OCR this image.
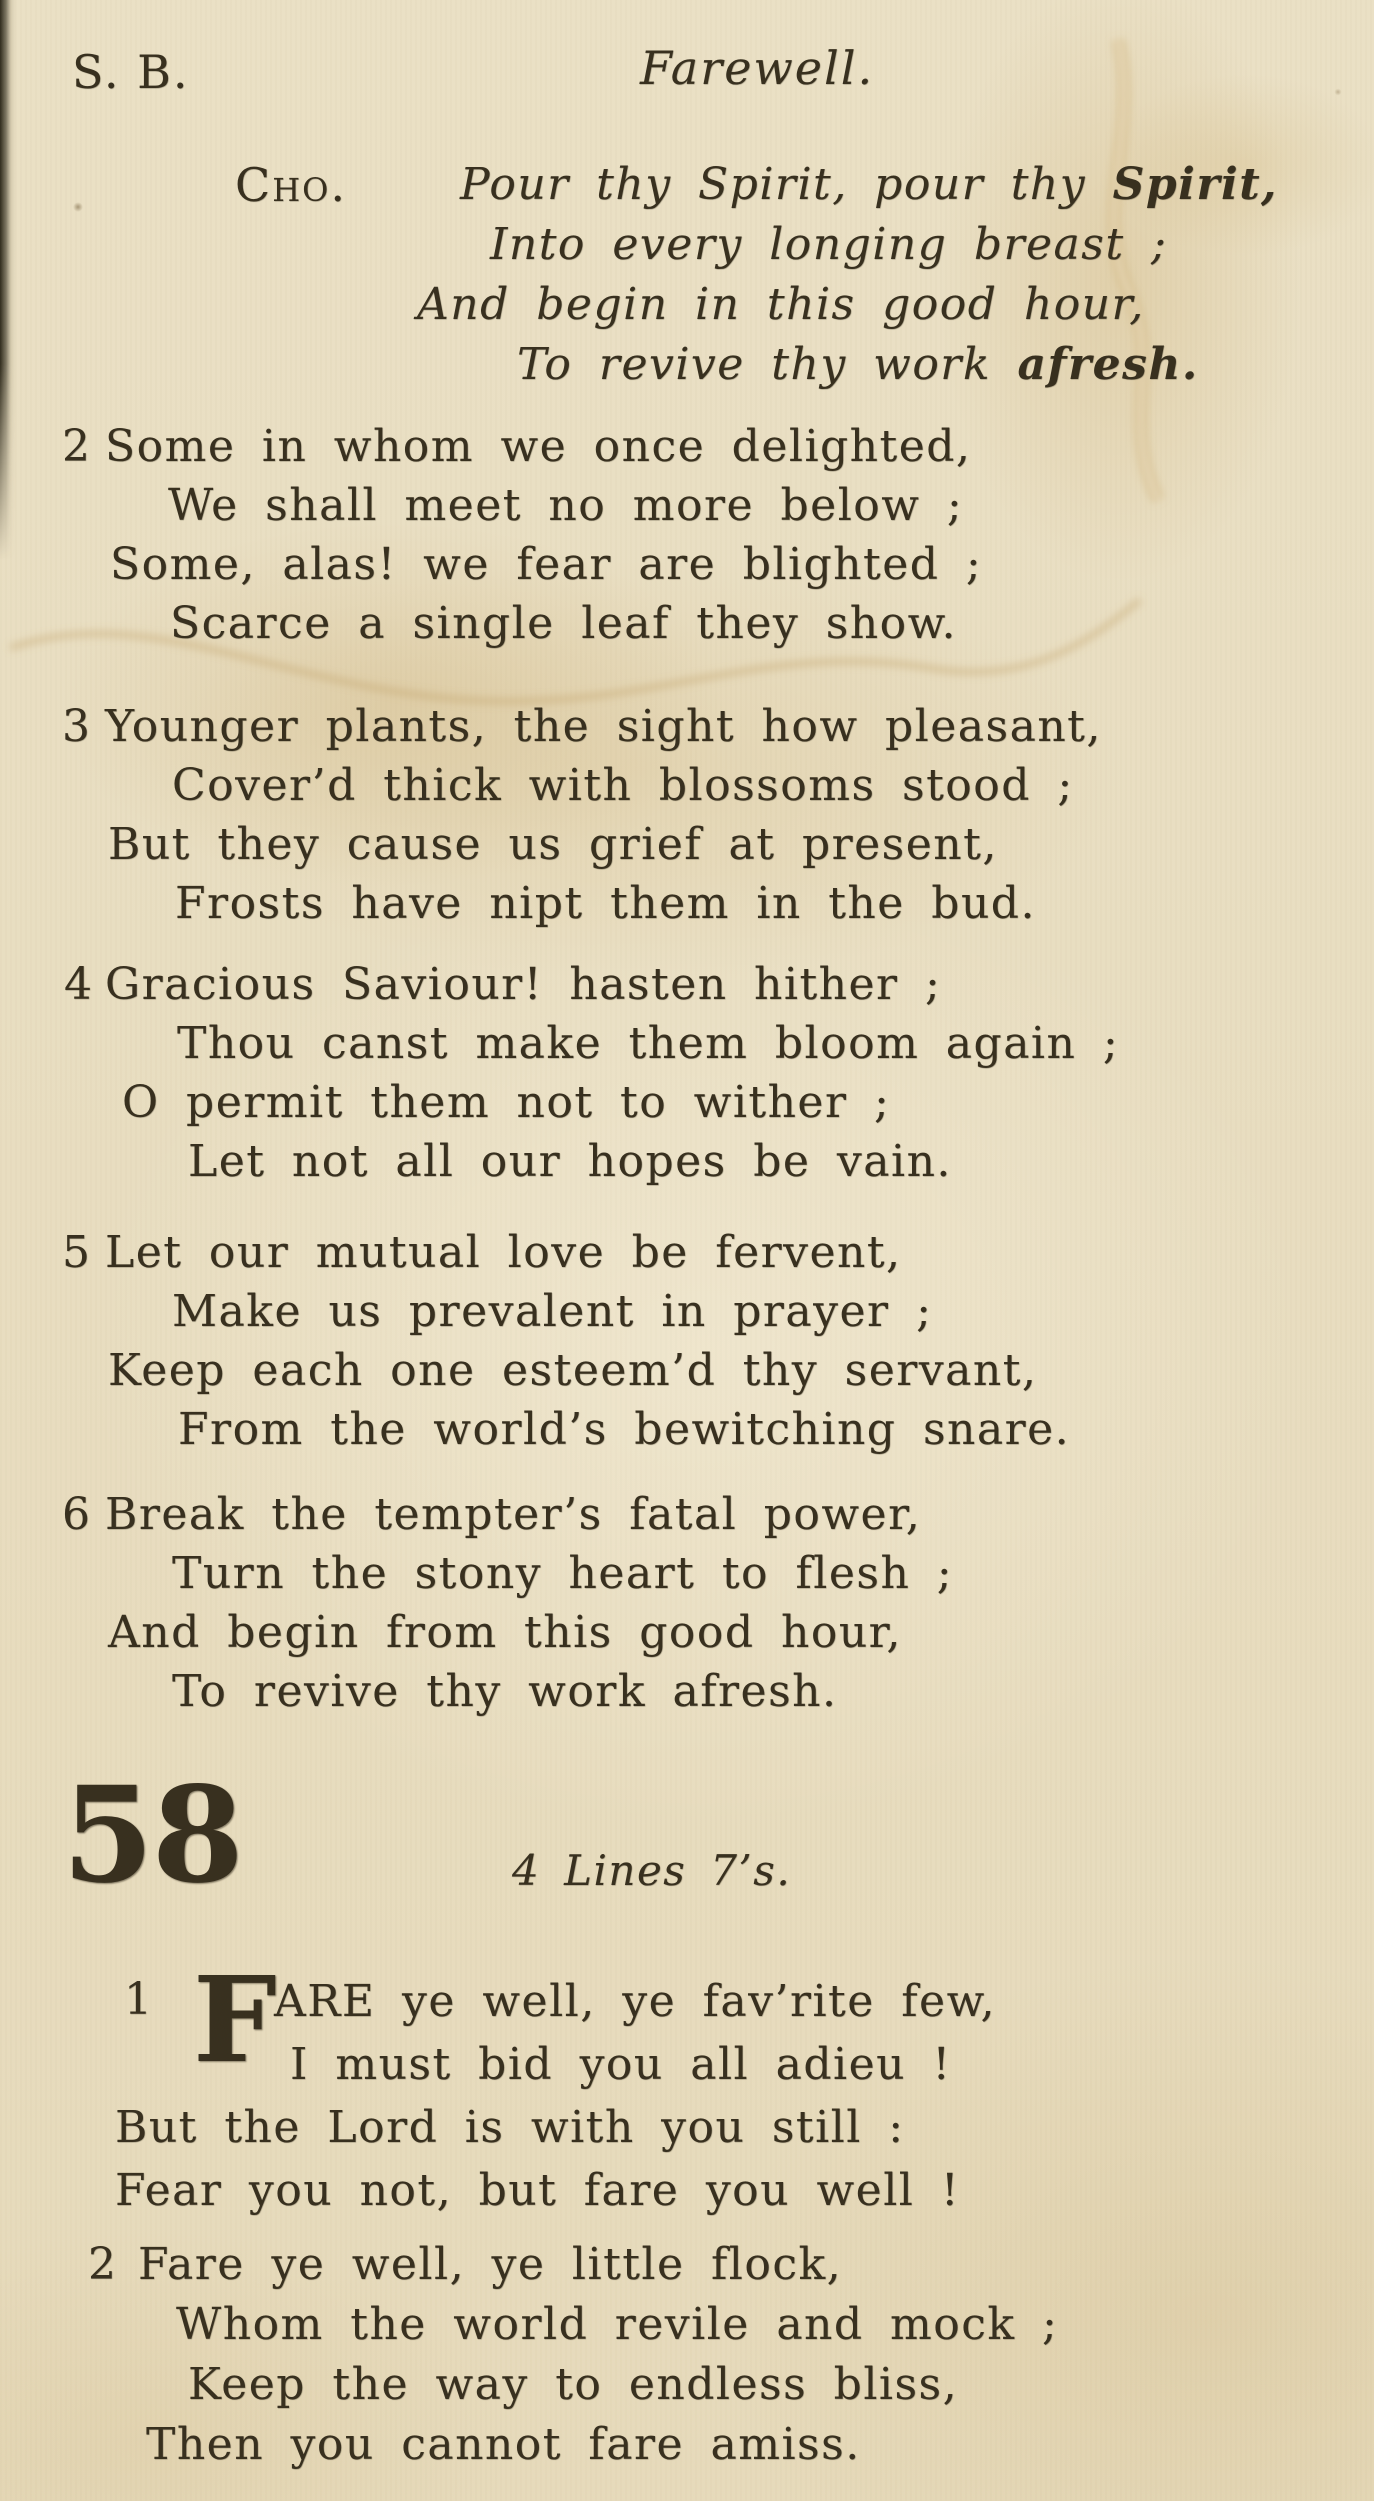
S. B.	Farewell.
Cho.	Pour thy Spirit, pour thy Spirit,
Into every longing breast ;
And begin in this good hour,
To revive thy work afresh.
2 Some in whom we once delighted,
We shall meet no more below ;
Some, alas! we fear are blighted ;
Scarce a single leaf they show.
3 Younger plants, the sight how pleasant,
Cover’d thick with blossoms stood ;
But they cause us grief at present,
Frosts have nipt them in the bud.
4 Gracious Saviour! hasten hither ;
Thou canst make them bloom again ;
O permit them not to wither ;
Let not all our hopes be vain.
5 Let our mutual love be fervent,
Make us prevalent in prayer ;
Keep each one esteem’d thy servant,
From the world’s bewitching snare.
6 Break the tempter’s fatal power,
Turn the stony heart to flesh ;
And begin from this good hour,
To revive thy work afresh.
58	4 Lines 7’s.
1 F
ARE ye well, ye fav’rite few,
I must bid you all adieu !
But the Lord is with you still :
Fear you not, but fare you well !
2 Fare ye well, ye little flock,
Whom the world revile and mock ;
Keep the way to endless bliss,
Then you cannot fare amiss.
